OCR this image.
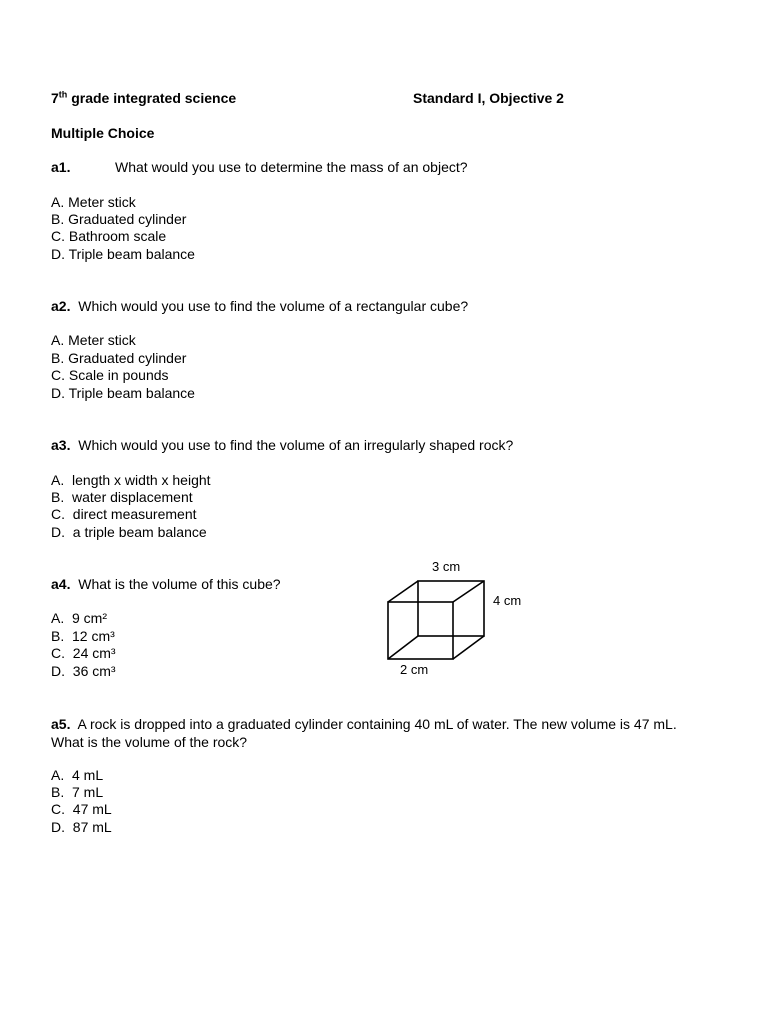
7th grade integrated science	Standard I, Objective 2
Multiple Choice
a1.	What would you use to determine the mass of an object?
A. Meter stick
B. Graduated cylinder
C. Bathroom scale
D. Triple beam balance
a2. Which would you use to find the volume of a rectangular cube?
A. Meter stick
B. Graduated cylinder
C. Scale in pounds
D. Triple beam balance
a3. Which would you use to find the volume of an irregularly shaped rock?
A.  length x width x height
B.  water displacement
C.  direct measurement
D.  a triple beam balance
a4. What is the volume of this cube?
A.  9 cm²
B.  12 cm³
C.  24 cm³
D.  36 cm³
3 cm
4 cm
2 cm
a5. A rock is dropped into a graduated cylinder containing 40 mL of water. The new volume is 47 mL. What is the volume of the rock?
A.  4 mL
B.  7 mL
C.  47 mL
D.  87 mL
